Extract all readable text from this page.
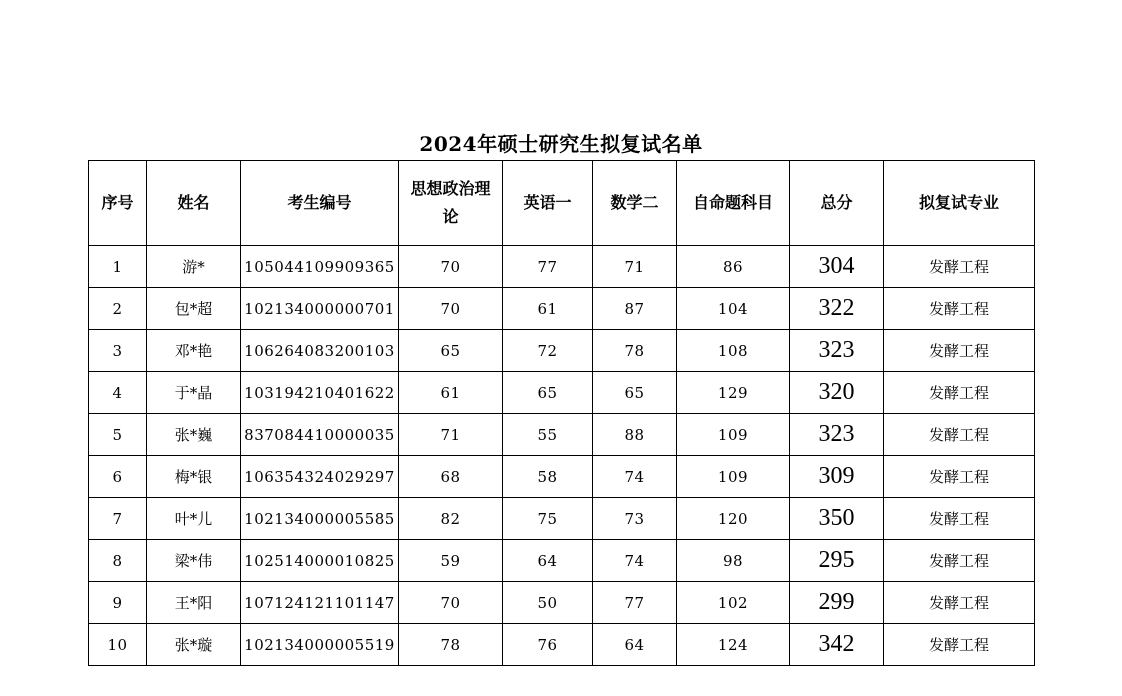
2024年硕士研究生拟复试名单
序号	姓名	考生编号	思想政治理论	英语一	数学二	自命题科目	总分	拟复试专业
1	游*	105044109909365	70	77	71	86	304	发酵工程
2	包*超	102134000000701	70	61	87	104	322	发酵工程
3	邓*艳	106264083200103	65	72	78	108	323	发酵工程
4	于*晶	103194210401622	61	65	65	129	320	发酵工程
5	张*巍	837084410000035	71	55	88	109	323	发酵工程
6	梅*银	106354324029297	68	58	74	109	309	发酵工程
7	叶*儿	102134000005585	82	75	73	120	350	发酵工程
8	梁*伟	102514000010825	59	64	74	98	295	发酵工程
9	王*阳	107124121101147	70	50	77	102	299	发酵工程
10	张*璇	102134000005519	78	76	64	124	342	发酵工程
